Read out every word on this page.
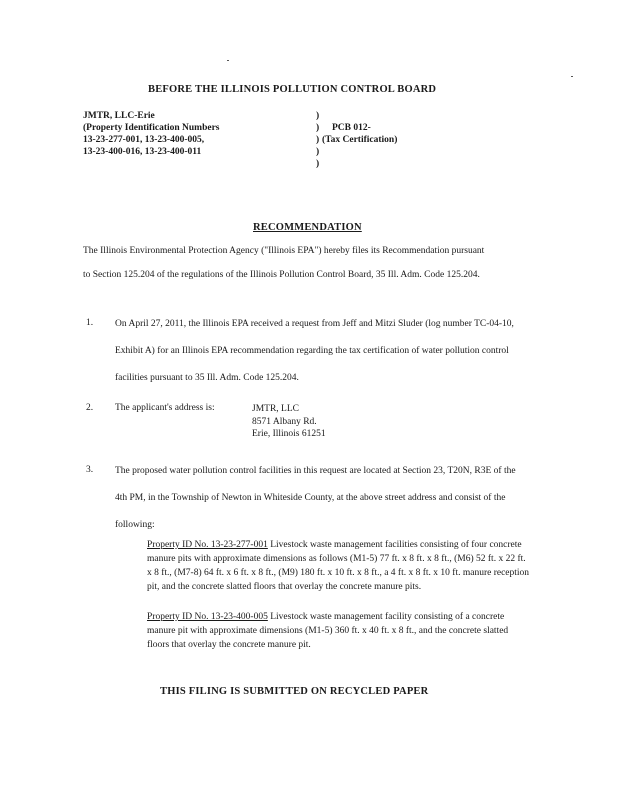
BEFORE THE ILLINOIS POLLUTION CONTROL BOARD
JMTR, LLC-Erie
(Property Identification Numbers
13-23-277-001, 13-23-400-005,
13-23-400-016, 13-23-400-011
)
)
)
)
)
PCB 012-
(Tax Certification)
RECOMMENDATION
The Illinois Environmental Protection Agency ("Illinois EPA") hereby files its Recommendation pursuant
to Section 125.204 of the regulations of the Illinois Pollution Control Board, 35 Ill. Adm. Code 125.204.
1. On April 27, 2011, the Illinois EPA received a request from Jeff and Mitzi Sluder (log number TC-04-10, Exhibit A) for an Illinois EPA recommendation regarding the tax certification of water pollution control facilities pursuant to 35 Ill. Adm. Code 125.204.
2. The applicant's address is:	JMTR, LLC
8571 Albany Rd.
Erie, Illinois 61251
3. The proposed water pollution control facilities in this request are located at Section 23, T20N, R3E of the 4th PM, in the Township of Newton in Whiteside County, at the above street address and consist of the following:
Property ID No. 13-23-277-001 Livestock waste management facilities consisting of four concrete manure pits with approximate dimensions as follows (M1-5) 77 ft. x 8 ft. x 8 ft., (M6) 52 ft. x 22 ft. x 8 ft., (M7-8) 64 ft. x 6 ft. x 8 ft., (M9) 180 ft. x 10 ft. x 8 ft., a 4 ft. x 8 ft. x 10 ft. manure reception pit, and the concrete slatted floors that overlay the concrete manure pits.
Property ID No. 13-23-400-005 Livestock waste management facility consisting of a concrete manure pit with approximate dimensions (M1-5) 360 ft. x 40 ft. x 8 ft., and the concrete slatted floors that overlay the concrete manure pit.
THIS FILING IS SUBMITTED ON RECYCLED PAPER
